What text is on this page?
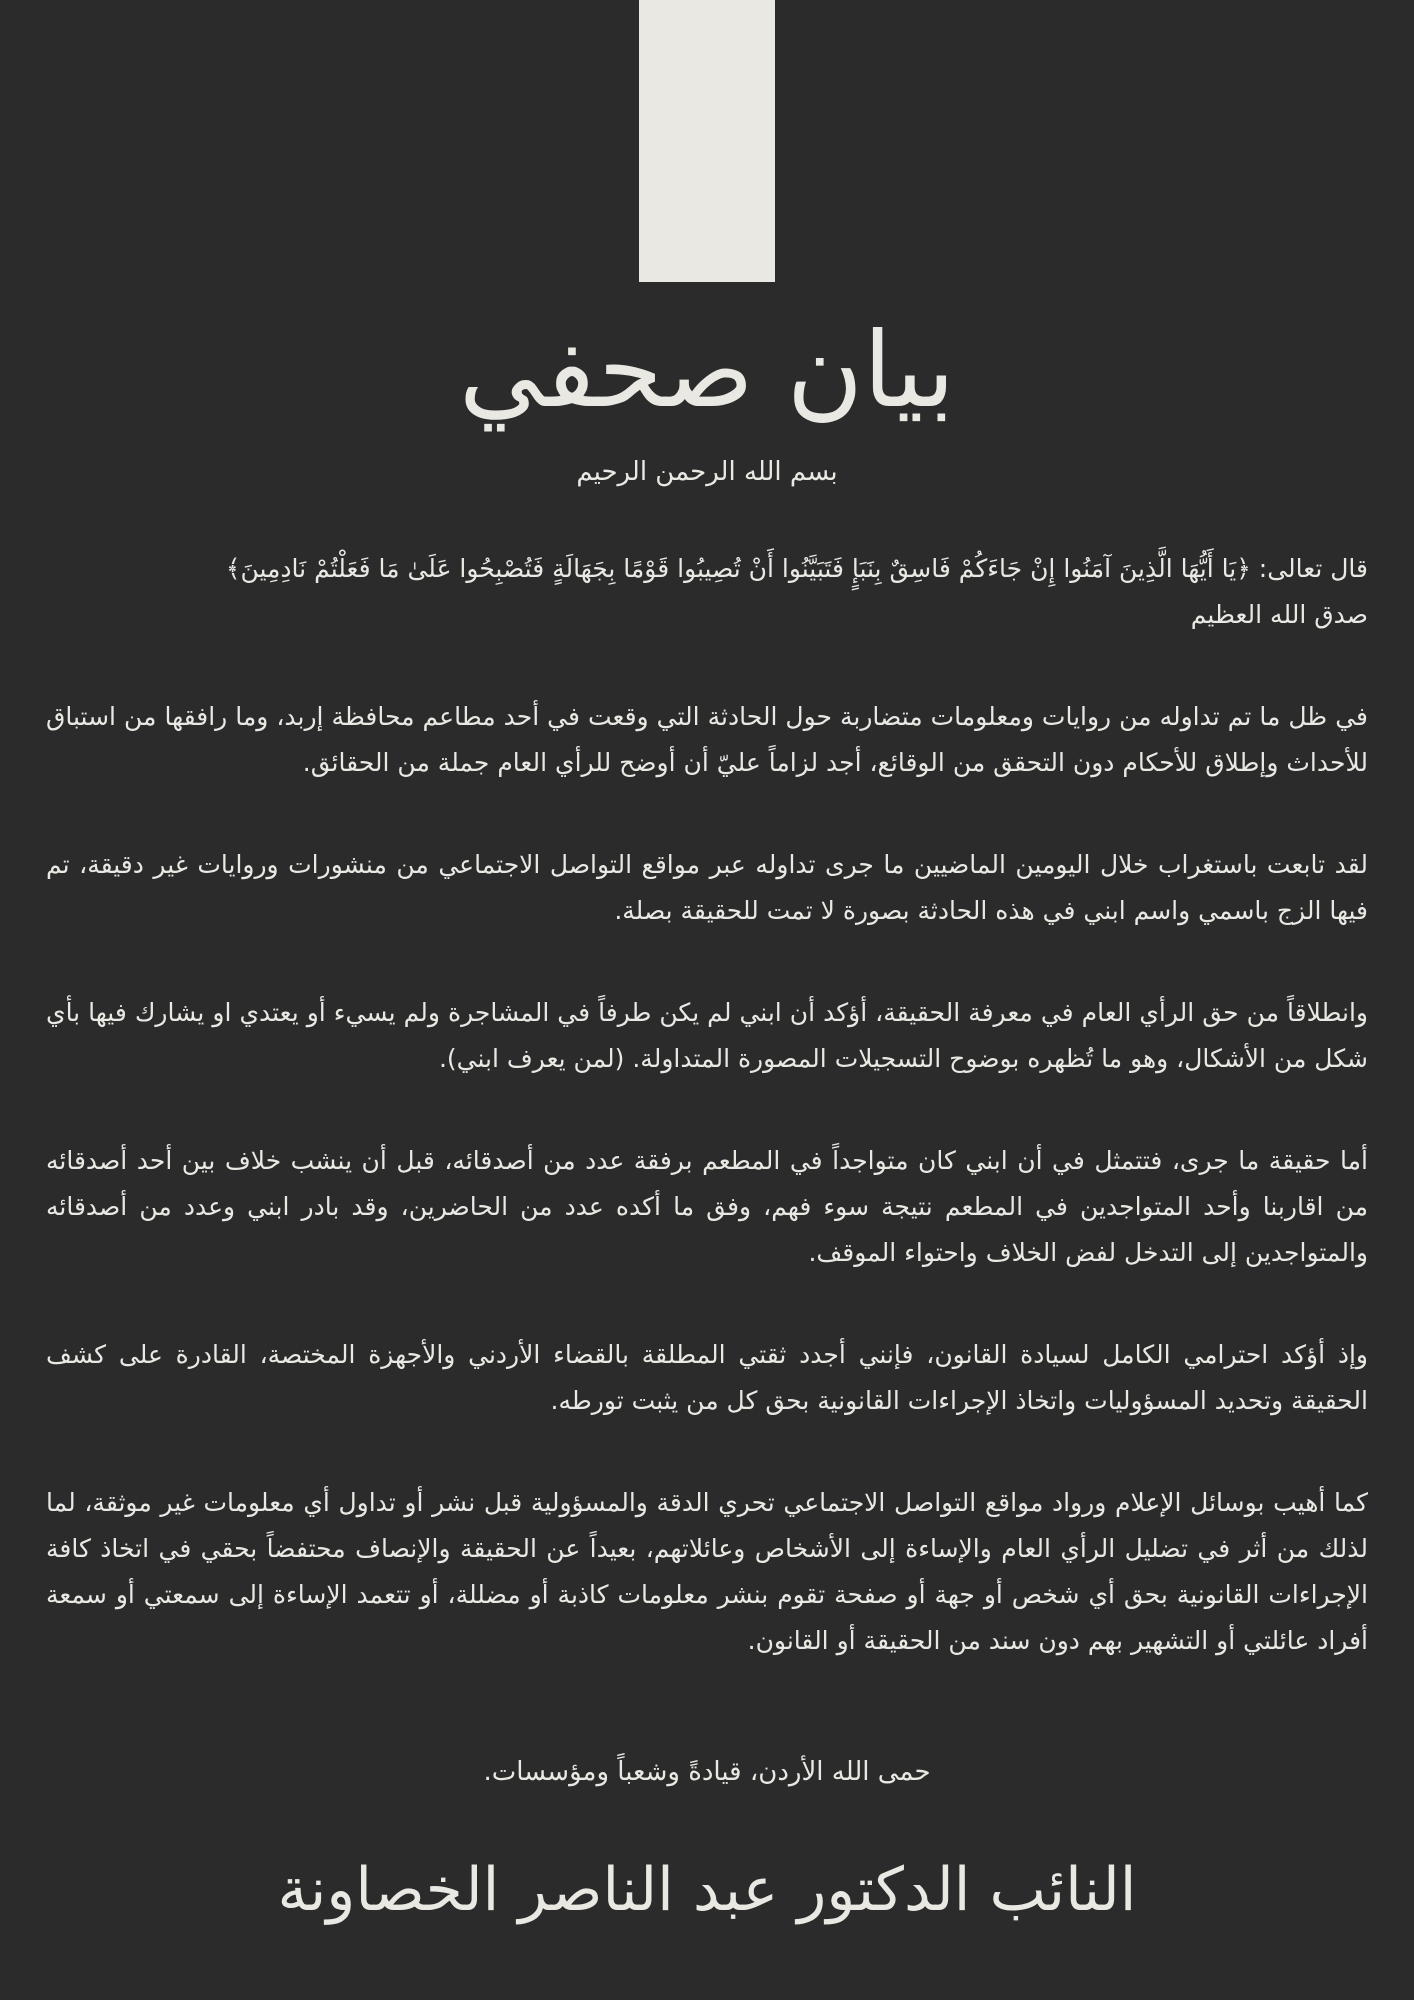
بيان صحفي
بسم الله الرحمن الرحيم

قال تعالى: ﴿يَا أَيُّهَا الَّذِينَ آمَنُوا إِنْ جَاءَكُمْ فَاسِقٌ بِنَبَإٍ فَتَبَيَّنُوا أَنْ تُصِيبُوا قَوْمًا بِجَهَالَةٍ فَتُصْبِحُوا عَلَىٰ مَا فَعَلْتُمْ نَادِمِينَ﴾
صدق الله العظيم

في ظل ما تم تداوله من روايات ومعلومات متضاربة حول الحادثة التي وقعت في أحد مطاعم محافظة إربد، وما رافقها من استباق للأحداث وإطلاق للأحكام دون التحقق من الوقائع، أجد لزاماً عليّ أن أوضح للرأي العام جملة من الحقائق.

لقد تابعت باستغراب خلال اليومين الماضيين ما جرى تداوله عبر مواقع التواصل الاجتماعي من منشورات وروايات غير دقيقة، تم فيها الزج باسمي واسم ابني في هذه الحادثة بصورة لا تمت للحقيقة بصلة.

وانطلاقاً من حق الرأي العام في معرفة الحقيقة، أؤكد أن ابني لم يكن طرفاً في المشاجرة ولم يسيء أو يعتدي او يشارك فيها بأي شكل من الأشكال، وهو ما تُظهره بوضوح التسجيلات المصورة المتداولة. (لمن يعرف ابني).

أما حقيقة ما جرى، فتتمثل في أن ابني كان متواجداً في المطعم برفقة عدد من أصدقائه، قبل أن ينشب خلاف بين أحد أصدقائه من اقاربنا وأحد المتواجدين في المطعم نتيجة سوء فهم، وفق ما أكده عدد من الحاضرين، وقد بادر ابني وعدد من أصدقائه والمتواجدين إلى التدخل لفض الخلاف واحتواء الموقف.

وإذ أؤكد احترامي الكامل لسيادة القانون، فإنني أجدد ثقتي المطلقة بالقضاء الأردني والأجهزة المختصة، القادرة على كشف الحقيقة وتحديد المسؤوليات واتخاذ الإجراءات القانونية بحق كل من يثبت تورطه.

كما أهيب بوسائل الإعلام ورواد مواقع التواصل الاجتماعي تحري الدقة والمسؤولية قبل نشر أو تداول أي معلومات غير موثقة، لما لذلك من أثر في تضليل الرأي العام والإساءة إلى الأشخاص وعائلاتهم، بعيداً عن الحقيقة والإنصاف محتفضاً بحقي في اتخاذ كافة الإجراءات القانونية بحق أي شخص أو جهة أو صفحة تقوم بنشر معلومات كاذبة أو مضللة، أو تتعمد الإساءة إلى سمعتي أو سمعة أفراد عائلتي أو التشهير بهم دون سند من الحقيقة أو القانون.

حمى الله الأردن، قيادةً وشعباً ومؤسسات.
النائب الدكتور عبد الناصر الخصاونة
